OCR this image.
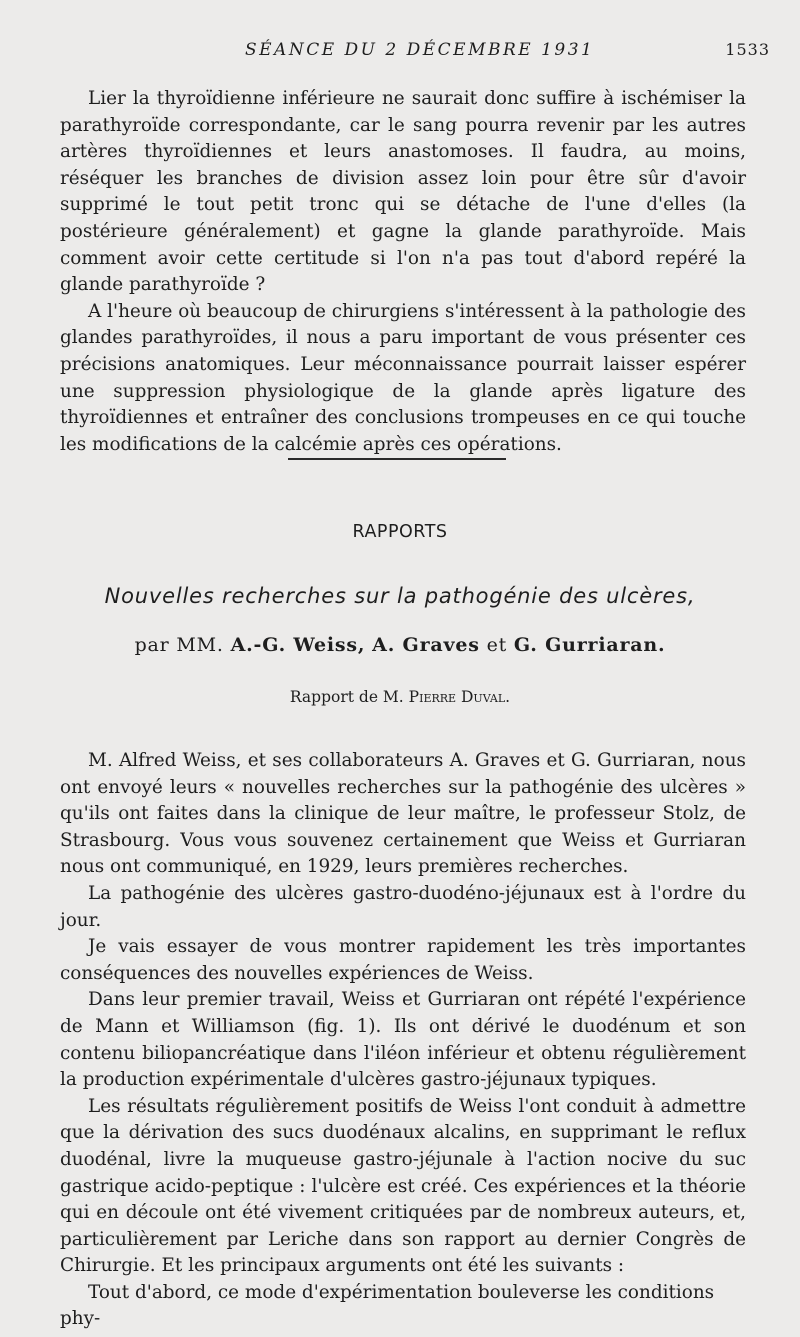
SÉANCE DU 2 DÉCEMBRE 1931	1533

Lier la thyroïdienne inférieure ne saurait donc suffire à ischémiser la parathyroïde correspondante, car le sang pourra revenir par les autres artères thyroïdiennes et leurs anastomoses. Il faudra, au moins, réséquer les branches de division assez loin pour être sûr d'avoir supprimé le tout petit tronc qui se détache de l'une d'elles (la postérieure généralement) et gagne la glande parathyroïde. Mais comment avoir cette certitude si l'on n'a pas tout d'abord repéré la glande parathyroïde ?

A l'heure où beaucoup de chirurgiens s'intéressent à la pathologie des glandes parathyroïdes, il nous a paru important de vous présenter ces précisions anatomiques. Leur méconnaissance pourrait laisser espérer une suppression physiologique de la glande après ligature des thyroïdiennes et entraîner des conclusions trompeuses en ce qui touche les modifications de la calcémie après ces opérations.

RAPPORTS
Nouvelles recherches sur la pathogénie des ulcères,
par MM. A.-G. Weiss, A. Graves et G. Gurriaran.
Rapport de M. Pierre Duval.

M. Alfred Weiss, et ses collaborateurs A. Graves et G. Gurriaran, nous ont envoyé leurs « nouvelles recherches sur la pathogénie des ulcères » qu'ils ont faites dans la clinique de leur maître, le professeur Stolz, de Strasbourg. Vous vous souvenez certainement que Weiss et Gurriaran nous ont communiqué, en 1929, leurs premières recherches.

La pathogénie des ulcères gastro-duodéno-jéjunaux est à l'ordre du jour.

Je vais essayer de vous montrer rapidement les très importantes conséquences des nouvelles expériences de Weiss.

Dans leur premier travail, Weiss et Gurriaran ont répété l'expérience de Mann et Williamson (fig. 1). Ils ont dérivé le duodénum et son contenu biliopancréatique dans l'iléon inférieur et obtenu régulièrement la production expérimentale d'ulcères gastro-jéjunaux typiques.

Les résultats régulièrement positifs de Weiss l'ont conduit à admettre que la dérivation des sucs duodénaux alcalins, en supprimant le reflux duodénal, livre la muqueuse gastro-jéjunale à l'action nocive du suc gastrique acido-peptique : l'ulcère est créé. Ces expériences et la théorie qui en découle ont été vivement critiquées par de nombreux auteurs, et, particulièrement par Leriche dans son rapport au dernier Congrès de Chirurgie. Et les principaux arguments ont été les suivants :

Tout d'abord, ce mode d'expérimentation bouleverse les conditions phy-
